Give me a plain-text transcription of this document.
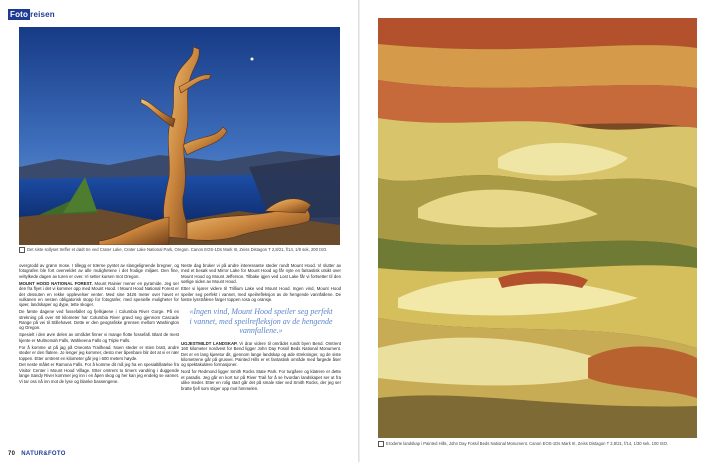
Foto reisen
Det siste sollyset treffer et dødt tre ved Crater Lake, Crater Lake National Park, Oregon. Canon EOS-1Ds Mark III, Zeiss Distagon T 2,8/21, f/14, 1/8 sek, 200 ISO.

overgrodd av grønn mose. I tillegg er trærne pyntet av slangelignende bregner, og fotografen ble fort overveldet av alle mulighetene i det frodige miljøet. Den fine, veltylkede dagen av turen er over. Vi setter kursen mot Oregon.

MOUNT HOOD NATIONAL FOREST. Mount Rainier mener en pyramide. Jeg ser den fra flyet i det vi kommer opp med Mount Hood. I Mount Hood National Forest er det dessuten en rekke opplevelser venter. Med sine 3426 meter over havet er vulkanen en nesten obligatorisk stopp for fotografer, med spesielle muligheter for sjøer, landskaper og dype, tette skoger.

De første dagene ved fossefallet og fjellsjøene i Columbia River Gorge. På en strekning på over 60 kilometer har Columbia River gravd seg gjennom Cascade Range på vei til Stillehavet. Dette er den geografiske grensen mellom Washington og Oregon.

Spesielt i den øvre delen av området finner vi mange flotte fossefall. Blant de mest kjente er Multnomah Falls, Wahkeena Falls og Triple Falls.

For å komme ut på jag på Oneonta Trailhead. Noen steder er stien bratt, andre steder er den flatere. Jo lenger jeg kommer, desto mer åpenbare blir det at vi er nær toppen. Etter omtrent en kilometer går jeg i 600 meters høyde.

Det neste målet er Ramona Falls. For å komme dit må jeg ha en spesialtillatelse fra Visitor Center i Mount Hood Village. Etter omtrent to timers vandring i duggende lange Sandy River kommer jeg inn i en åpen skog og her kan jeg endelig se vannet. Vi tar oss nå inn mot de lyse og blanke bassengene.

Neste dag bruker vi på andre interessante steder rundt Mount Hood. Vi slutter av med et besøk ved Mirror Lake for Mount Hood og får nyte en fantastisk utsikt over Mount Hood og Mount Jefferson. Tilbake igjen ved Lost Lake får vi fortsetter til den sørlige siden av Mount Hood.

Etter vi kjører videre til Trillium Lake ved Mount Hood. Ingen vind, Mount Hood speiler seg perfekt i vannet, med speilrefleksjon av de hengende vannfallene. De første lysstrålene farger toppen rosa og oransje.

«Ingen vind, Mount Hood speiler seg perfekt i vannet, med speilrefleksjon av de hengende vannfallene.»

UGJESTMILDT LANDSKAP. Vi drar videre til området rundt byen Bend. Omtrent 160 kilometer nordvest for Bend ligger John Day Fossil Beds National Monument. Det er en lang kjøretur dit, gjennom lange landskap og øde strekninger, og de siste kilometrene går på grusvei. Painted Hills er et fantastisk område med fargede åser og spektakulære formasjoner.

Nord for Redmond ligger Smith Rocks State Park. For turgåere og klatrere er dette et paradis. Jeg går en kort tur på River Trail for å se hvordan landskapet ser ut fra ulike steder. Etter en rolig start går det på smale stier ved Smith Rocks, der jeg ser bratte fjell som stiger opp mot himmelen.

70 NATUR&FOTO
Eroderte landskap i Painted Hills, John Day Fossil Beds National Monument. Canon EOS-1Ds Mark III, Zeiss Distagon T 2,8/21, f/14, 1/30 sek, 100 ISO.
